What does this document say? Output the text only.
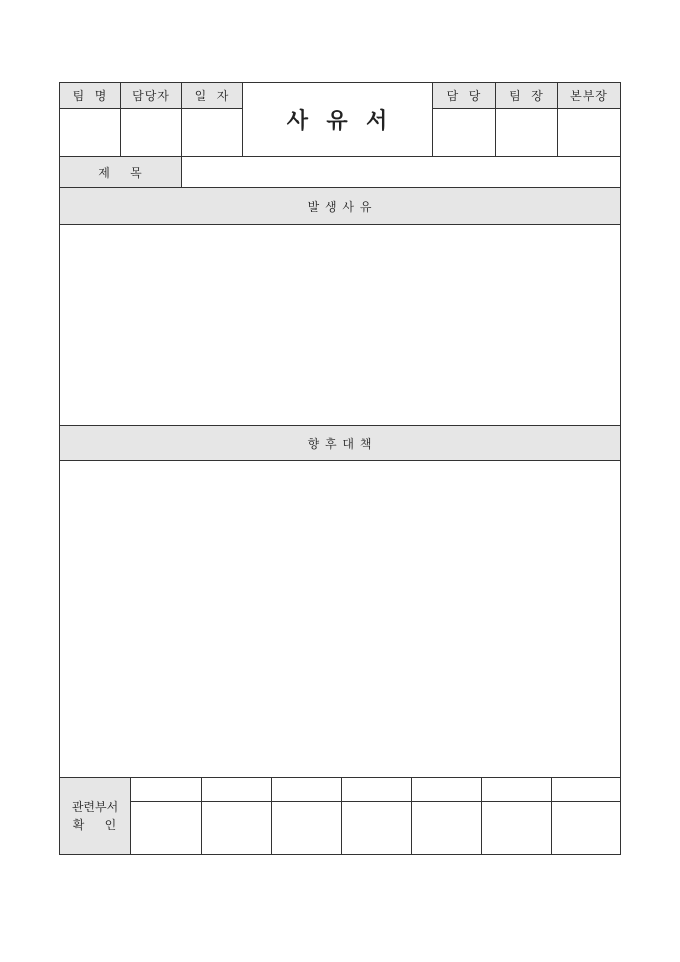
팀  명	담당자	일  자
사  유  서
담  당	팀  장	본부장
제    목
발 생 사 유
향 후 대 책
관련부서
확    인
